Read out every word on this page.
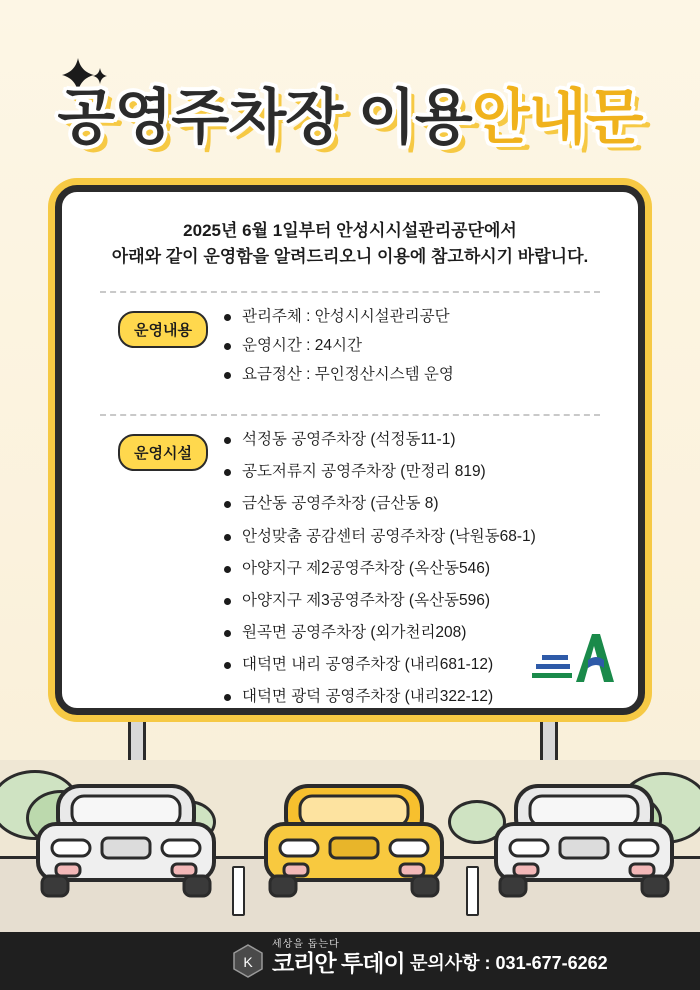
공영주차장 이용안내문
2025년 6월 1일부터 안성시시설관리공단에서
아래와 같이 운영함을 알려드리오니 이용에 참고하시기 바랍니다.
운영내용
관리주체 : 안성시시설관리공단
운영시간 : 24시간
요금정산 : 무인정산시스템 운영
운영시설
석정동 공영주차장 (석정동11-1)
공도저류지 공영주차장 (만정리 819)
금산동 공영주차장 (금산동 8)
안성맞춤 공감센터 공영주차장 (낙원동68-1)
아양지구 제2공영주차장 (옥산동546)
아양지구 제3공영주차장 (옥산동596)
원곡면 공영주차장 (외가천리208)
대덕면 내리 공영주차장 (내리681-12)
대덕면 광덕 공영주차장 (내리322-12)
K
세상을 돕는다
코리안 투데이 문의사항 : 031-677-6262
